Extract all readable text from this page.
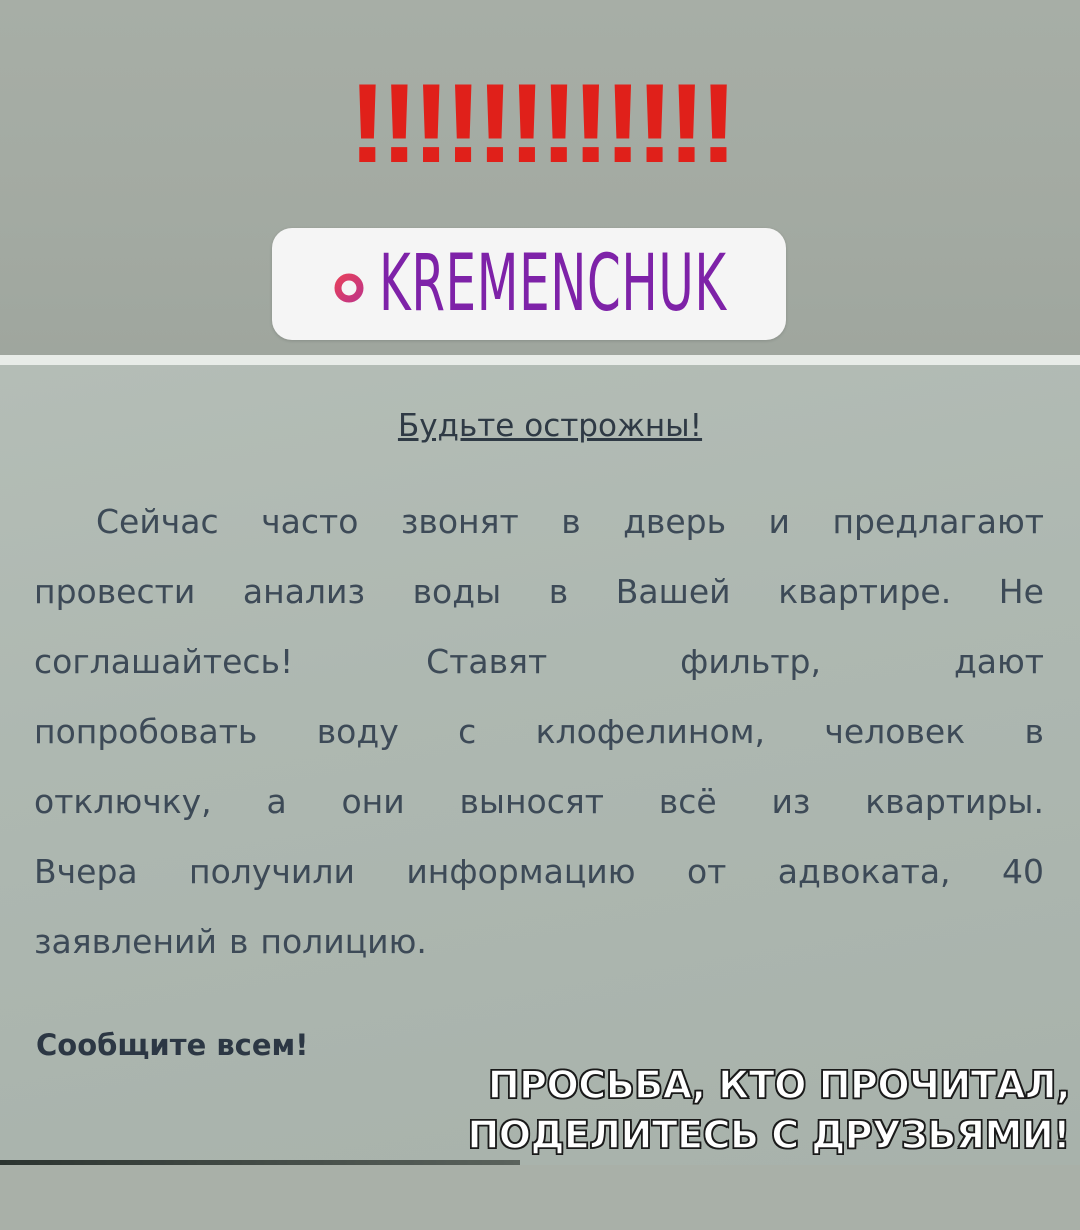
!!!!!!!!!!!!
KREMENCHUK
Будьте острожны!
Сейчас часто звонят в дверь и предлагают
провести анализ воды в Вашей квартире. Не
соглашайтесь!	Ставят	фильтр,	дают
попробовать воду с клофелином, человек в
отключку, а они выносят всё из квартиры.
Вчера получили информацию от адвоката, 40
заявлений в полицию.
Сообщите всем!
ПРОСЬБА, КТО ПРОЧИТАЛ,
ПОДЕЛИТЕСЬ С ДРУЗЬЯМИ!
